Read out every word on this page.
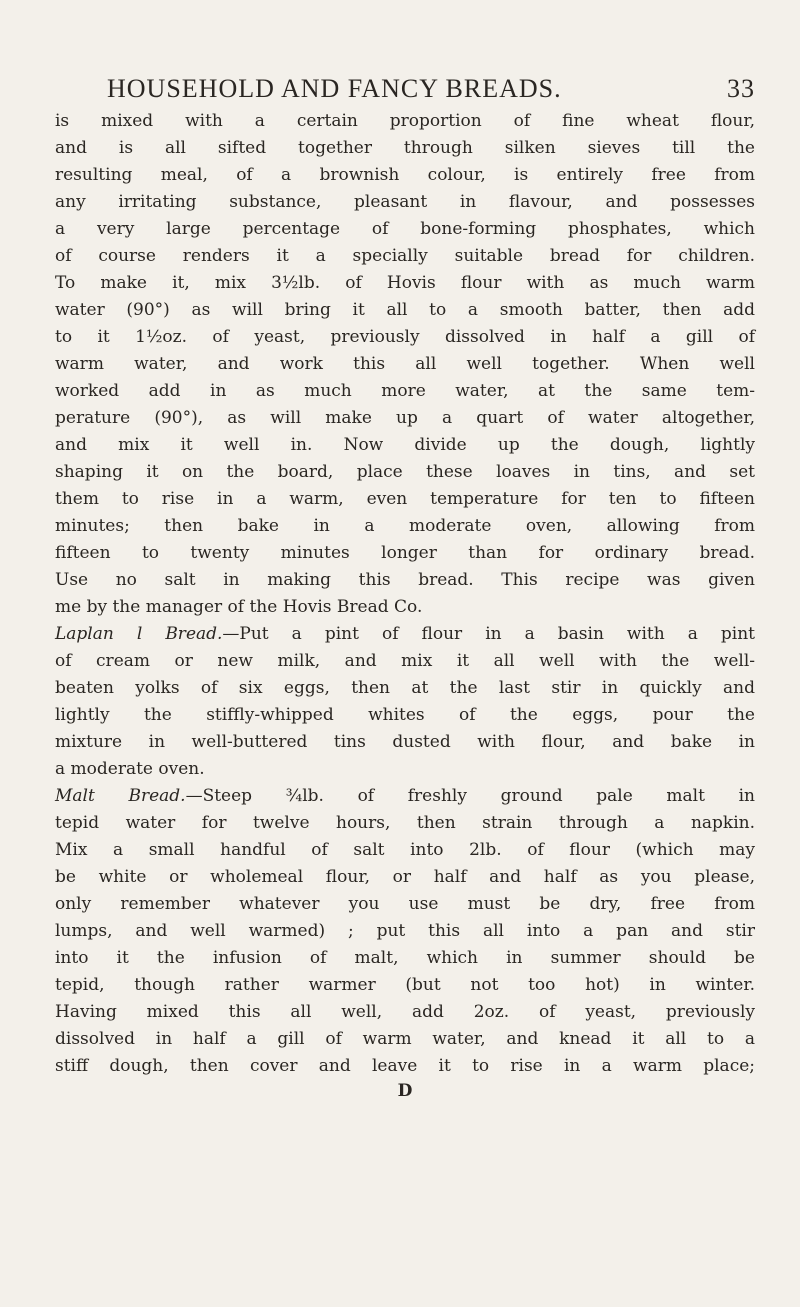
HOUSEHOLD AND FANCY BREADS.	33
is mixed with a certain proportion of fine wheat flour,
and is all sifted together through silken sieves till the
resulting meal, of a brownish colour, is entirely free from
any irritating substance, pleasant in flavour, and possesses
a very large percentage of bone-forming phosphates, which
of course renders it a specially suitable bread for children.
To make it, mix 3½lb. of Hovis flour with as much warm
water (90°) as will bring it all to a smooth batter, then add
to it 1½oz. of yeast, previously dissolved in half a gill of
warm water, and work this all well together. When well
worked add in as much more water, at the same tem-
perature (90°), as will make up a quart of water altogether,
and mix it well in. Now divide up the dough, lightly
shaping it on the board, place these loaves in tins, and set
them to rise in a warm, even temperature for ten to fifteen
minutes; then bake in a moderate oven, allowing from
fifteen to twenty minutes longer than for ordinary bread.
Use no salt in making this bread. This recipe was given
me by the manager of the Hovis Bread Co.
Laplan l Bread.—Put a pint of flour in a basin with a pint
of cream or new milk, and mix it all well with the well-
beaten yolks of six eggs, then at the last stir in quickly and
lightly the stiffly-whipped whites of the eggs, pour the
mixture in well-buttered tins dusted with flour, and bake in
a moderate oven.
Malt Bread.—Steep ¾lb. of freshly ground pale malt in
tepid water for twelve hours, then strain through a napkin.
Mix a small handful of salt into 2lb. of flour (which may
be white or wholemeal flour, or half and half as you please,
only remember whatever you use must be dry, free from
lumps, and well warmed) ; put this all into a pan and stir
into it the infusion of malt, which in summer should be
tepid, though rather warmer (but not too hot) in winter.
Having mixed this all well, add 2oz. of yeast, previously
dissolved in half a gill of warm water, and knead it all to a
stiff dough, then cover and leave it to rise in a warm place;
D
